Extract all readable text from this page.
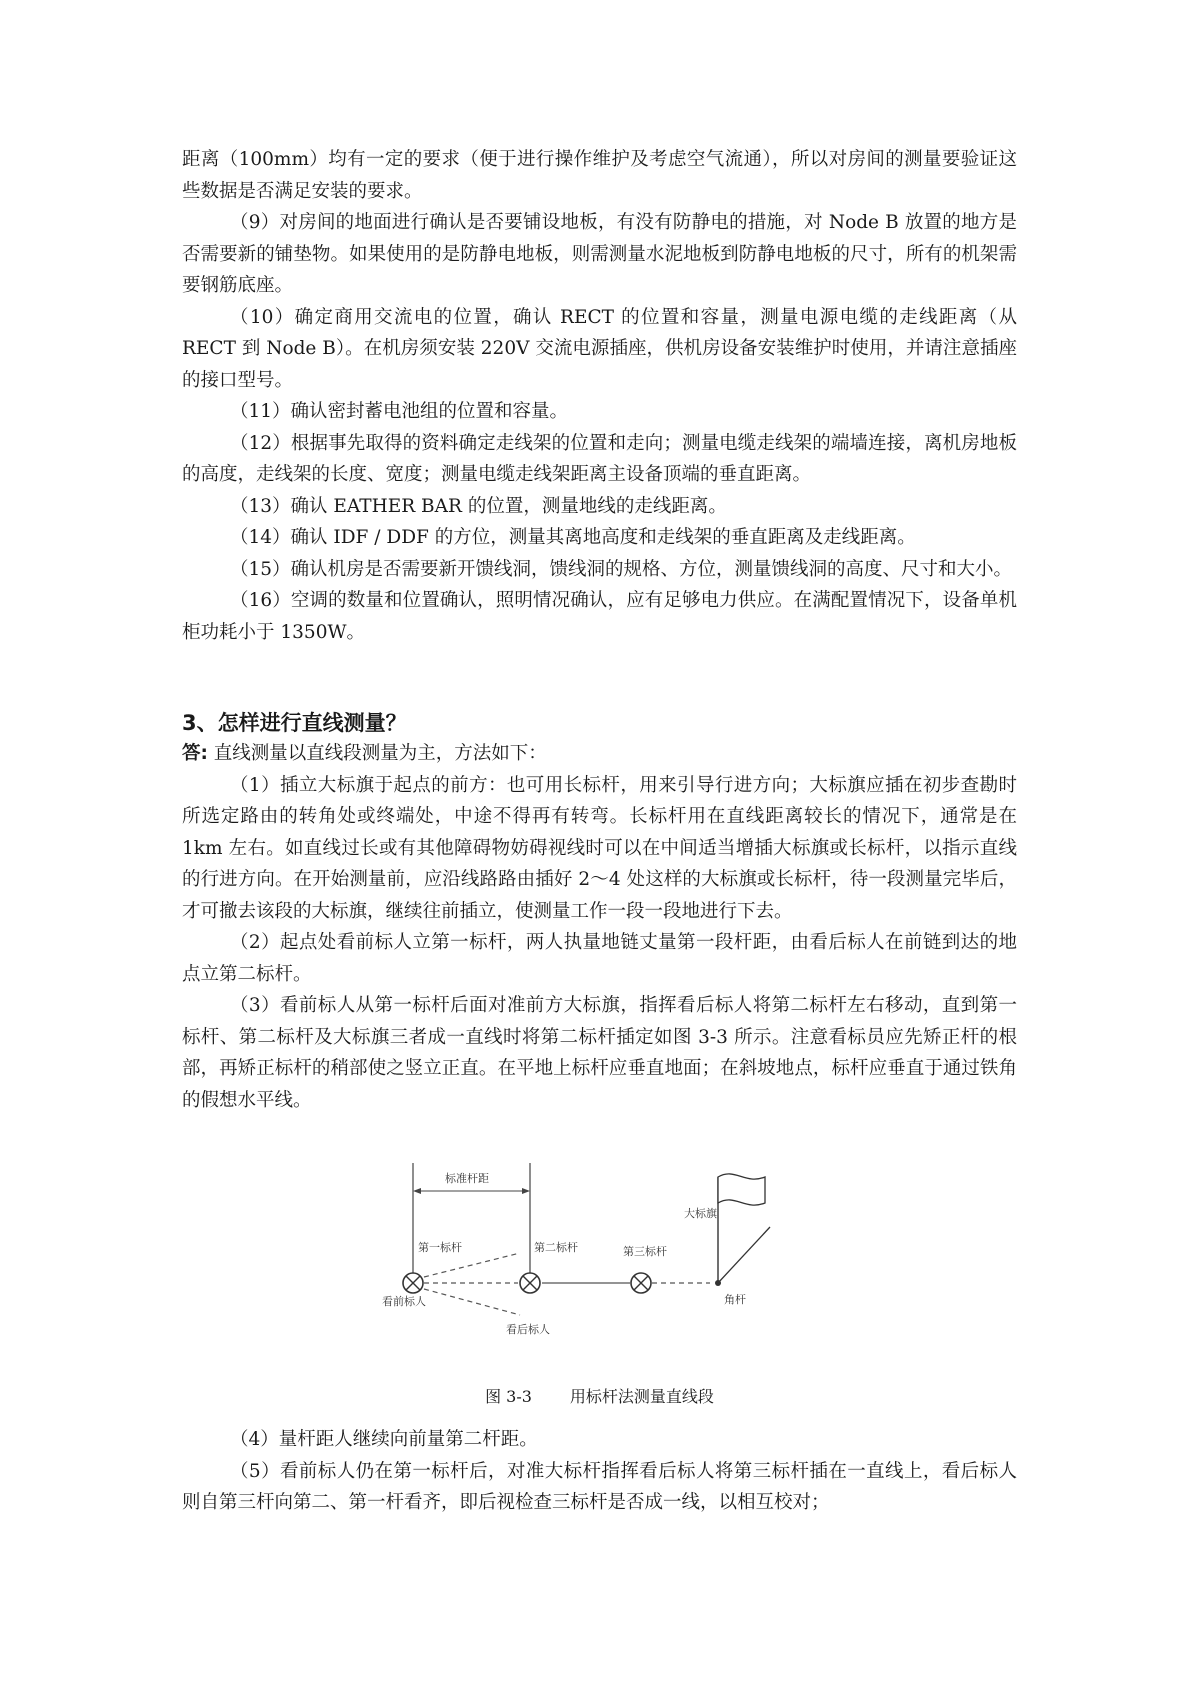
距离（100mm）均有一定的要求（便于进行操作维护及考虑空气流通），所以对房间的测量要验证这些数据是否满足安装的要求。

（9）对房间的地面进行确认是否要铺设地板，有没有防静电的措施，对 Node B 放置的地方是否需要新的铺垫物。如果使用的是防静电地板，则需测量水泥地板到防静电地板的尺寸，所有的机架需要钢筋底座。

（10）确定商用交流电的位置，确认 RECT 的位置和容量，测量电源电缆的走线距离（从 RECT 到 Node B）。在机房须安装 220V 交流电源插座，供机房设备安装维护时使用，并请注意插座的接口型号。

（11）确认密封蓄电池组的位置和容量。

（12）根据事先取得的资料确定走线架的位置和走向；测量电缆走线架的端墙连接，离机房地板的高度，走线架的长度、宽度；测量电缆走线架距离主设备顶端的垂直距离。

（13）确认 EATHER BAR 的位置，测量地线的走线距离。

（14）确认 IDF / DDF 的方位，测量其离地高度和走线架的垂直距离及走线距离。

（15）确认机房是否需要新开馈线洞，馈线洞的规格、方位，测量馈线洞的高度、尺寸和大小。

（16）空调的数量和位置确认，照明情况确认，应有足够电力供应。在满配置情况下，设备单机柜功耗小于 1350W。

3、怎样进行直线测量？

答: 直线测量以直线段测量为主，方法如下：

（1）插立大标旗于起点的前方：也可用长标杆，用来引导行进方向；大标旗应插在初步查勘时所选定路由的转角处或终端处，中途不得再有转弯。长标杆用在直线距离较长的情况下，通常是在 1km 左右。如直线过长或有其他障碍物妨碍视线时可以在中间适当增插大标旗或长标杆，以指示直线的行进方向。在开始测量前，应沿线路路由插好 2～4 处这样的大标旗或长标杆，待一段测量完毕后，才可撤去该段的大标旗，继续往前插立，使测量工作一段一段地进行下去。

（2）起点处看前标人立第一标杆，两人执量地链丈量第一段杆距，由看后标人在前链到达的地点立第二标杆。

（3）看前标人从第一标杆后面对准前方大标旗，指挥看后标人将第二标杆左右移动，直到第一标杆、第二标杆及大标旗三者成一直线时将第二标杆插定如图 3-3 所示。注意看标员应先矫正杆的根部，再矫正标杆的稍部使之竖立正直。在平地上标杆应垂直地面；在斜坡地点，标杆应垂直于通过铁角的假想水平线。

标准杆距
大标旗
第一标杆	第二标杆	第三标杆
看前标人
看后标人
角杆
图 3-3 用标杆法测量直线段

（4）量杆距人继续向前量第二杆距。

（5）看前标人仍在第一标杆后，对准大标杆指挥看后标人将第三标杆插在一直线上，看后标人则自第三杆向第二、第一杆看齐，即后视检查三标杆是否成一线，以相互校对；
